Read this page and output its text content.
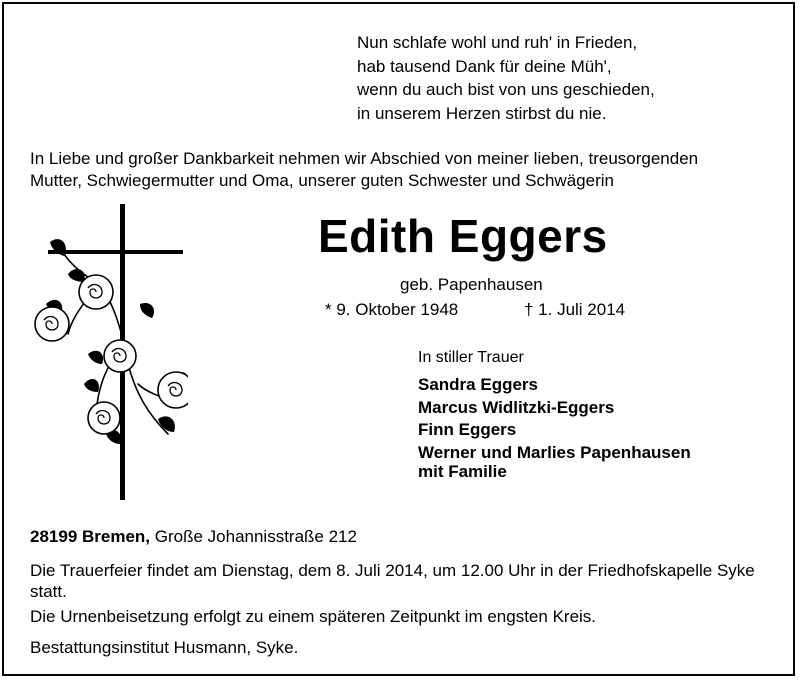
Nun schlafe wohl und ruh' in Frieden,
hab tausend Dank für deine Müh',
wenn du auch bist von uns geschieden,
in unserem Herzen stirbst du nie.
In Liebe und großer Dankbarkeit nehmen wir Abschied von meiner lieben, treusorgenden
Mutter, Schwiegermutter und Oma, unserer guten Schwester und Schwägerin
Edith Eggers
geb. Papenhausen
* 9. Oktober 1948	† 1. Juli 2014
In stiller Trauer
Sandra Eggers
Marcus Widlitzki-Eggers
Finn Eggers
Werner und Marlies Papenhausen
mit Familie
28199 Bremen, Große Johannisstraße 212
Die Trauerfeier findet am Dienstag, dem 8. Juli 2014, um 12.00 Uhr in der Friedhofskapelle Syke statt.
Die Urnenbeisetzung erfolgt zu einem späteren Zeitpunkt im engsten Kreis.
Bestattungsinstitut Husmann, Syke.
